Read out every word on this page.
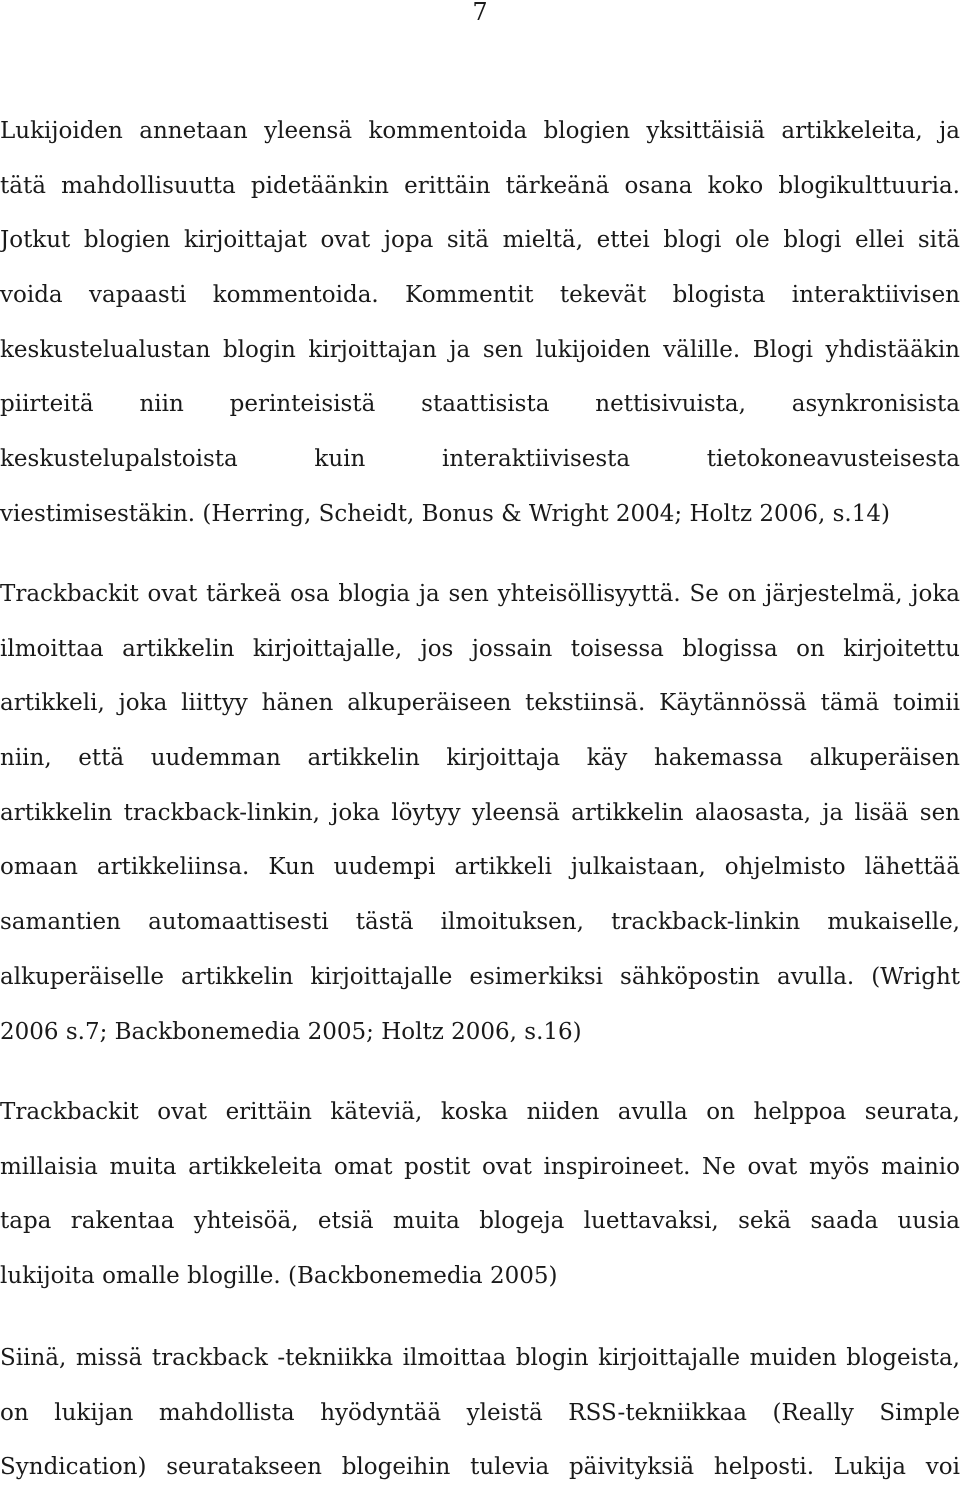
7
Lukijoiden annetaan yleensä kommentoida blogien yksittäisiä artikkeleita, ja
tätä mahdollisuutta pidetäänkin erittäin tärkeänä osana koko blogikulttuuria.
Jotkut blogien kirjoittajat ovat jopa sitä mieltä, ettei blogi ole blogi ellei sitä
voida vapaasti kommentoida. Kommentit tekevät blogista interaktiivisen
keskustelualustan blogin kirjoittajan ja sen lukijoiden välille. Blogi yhdistääkin
piirteitä niin perinteisistä staattisista nettisivuista, asynkronisista
keskustelupalstoista kuin interaktiivisesta tietokoneavusteisesta
viestimisestäkin. (Herring, Scheidt, Bonus & Wright 2004; Holtz 2006, s.14)
Trackbackit ovat tärkeä osa blogia ja sen yhteisöllisyyttä. Se on järjestelmä, joka
ilmoittaa artikkelin kirjoittajalle, jos jossain toisessa blogissa on kirjoitettu
artikkeli, joka liittyy hänen alkuperäiseen tekstiinsä. Käytännössä tämä toimii
niin, että uudemman artikkelin kirjoittaja käy hakemassa alkuperäisen
artikkelin trackback-linkin, joka löytyy yleensä artikkelin alaosasta, ja lisää sen
omaan artikkeliinsa. Kun uudempi artikkeli julkaistaan, ohjelmisto lähettää
samantien automaattisesti tästä ilmoituksen, trackback-linkin mukaiselle,
alkuperäiselle artikkelin kirjoittajalle esimerkiksi sähköpostin avulla. (Wright
2006 s.7; Backbonemedia 2005; Holtz 2006, s.16)
Trackbackit ovat erittäin käteviä, koska niiden avulla on helppoa seurata,
millaisia muita artikkeleita omat postit ovat inspiroineet. Ne ovat myös mainio
tapa rakentaa yhteisöä, etsiä muita blogeja luettavaksi, sekä saada uusia
lukijoita omalle blogille. (Backbonemedia 2005)
Siinä, missä trackback -tekniikka ilmoittaa blogin kirjoittajalle muiden blogeista,
on lukijan mahdollista hyödyntää yleistä RSS-tekniikkaa (Really Simple
Syndication) seuratakseen blogeihin tulevia päivityksiä helposti. Lukija voi
